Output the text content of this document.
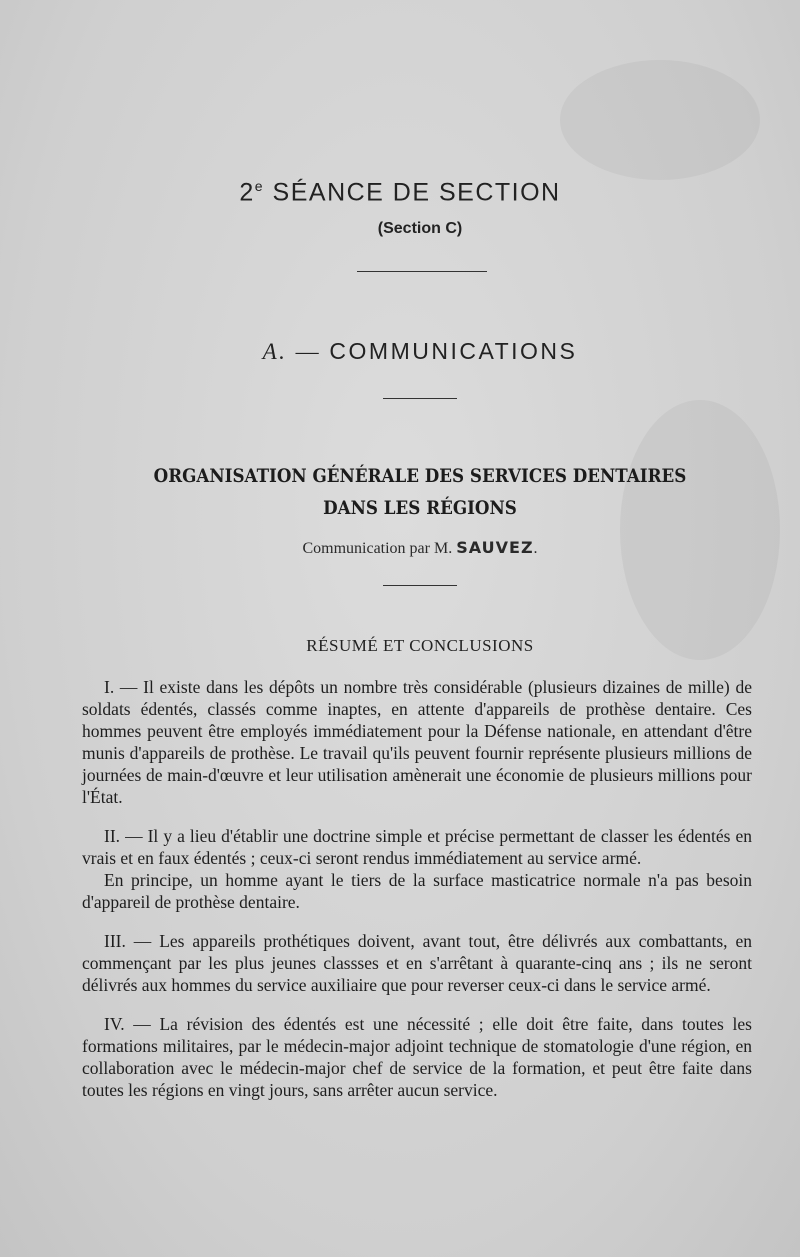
2e SÉANCE DE SECTION
(Section C)
A. — COMMUNICATIONS
ORGANISATION GÉNÉRALE DES SERVICES DENTAIRES
DANS LES RÉGIONS
Communication par M. SAUVEZ.
RÉSUMÉ ET CONCLUSIONS

I. — Il existe dans les dépôts un nombre très considérable (plusieurs dizaines de mille) de soldats édentés, classés comme inaptes, en attente d'appareils de prothèse dentaire. Ces hommes peuvent être employés immédiatement pour la Défense nationale, en attendant d'être munis d'appareils de prothèse. Le travail qu'ils peuvent fournir représente plusieurs millions de journées de main-d'œuvre et leur utilisation amènerait une économie de plusieurs millions pour l'État.

II. — Il y a lieu d'établir une doctrine simple et précise permettant de classer les édentés en vrais et en faux édentés ; ceux-ci seront rendus immédiatement au service armé.

En principe, un homme ayant le tiers de la surface masticatrice normale n'a pas besoin d'appareil de prothèse dentaire.

III. — Les appareils prothétiques doivent, avant tout, être délivrés aux combattants, en commençant par les plus jeunes classses et en s'arrêtant à quarante-cinq ans ; ils ne seront délivrés aux hommes du service auxiliaire que pour reverser ceux-ci dans le service armé.

IV. — La révision des édentés est une nécessité ; elle doit être faite, dans toutes les formations militaires, par le médecin-major adjoint technique de stomatologie d'une région, en collaboration avec le médecin-major chef de service de la formation, et peut être faite dans toutes les régions en vingt jours, sans arrêter aucun service.
